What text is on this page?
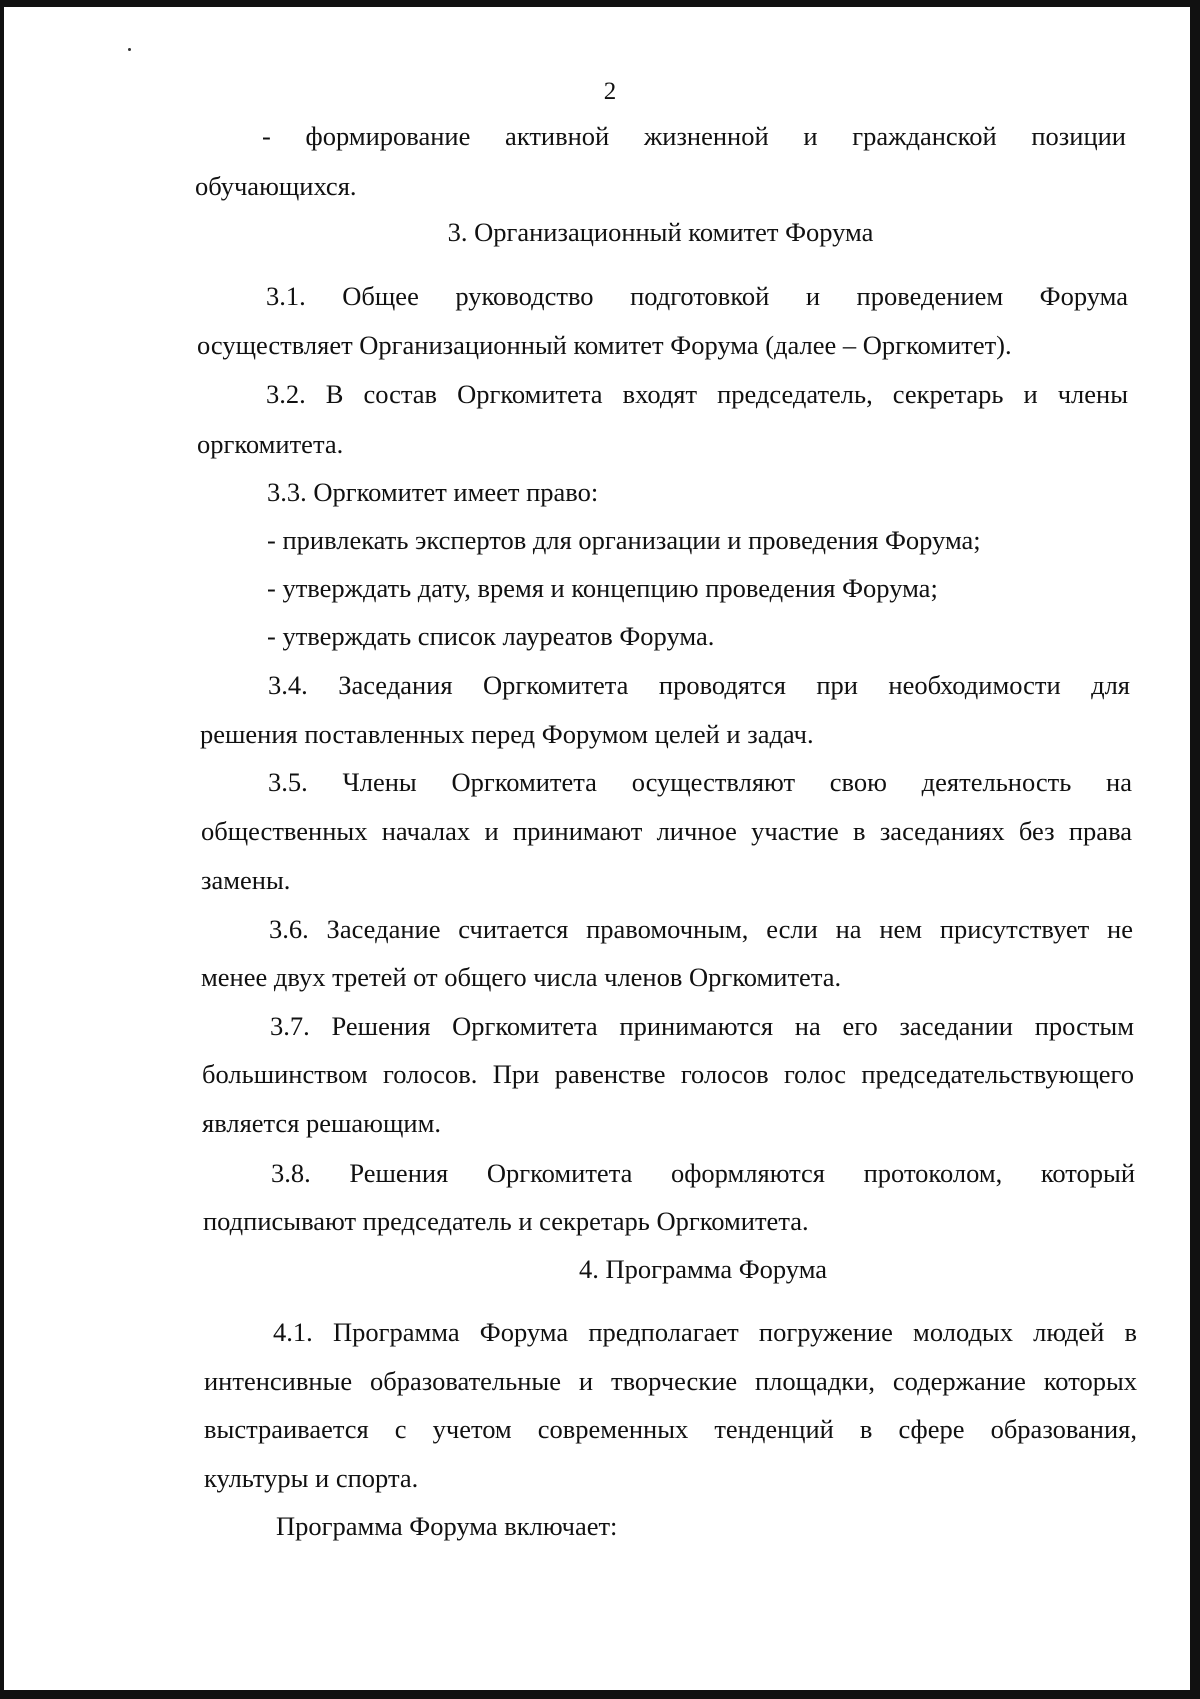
2
- формирование активной жизненной и гражданской позиции
обучающихся.
3. Организационный комитет Форума
3.1. Общее руководство подготовкой и проведением Форума
осуществляет Организационный комитет Форума (далее – Оргкомитет).
3.2. В состав Оргкомитета входят председатель, секретарь и члены
оргкомитета.
3.3. Оргкомитет имеет право:
- привлекать экспертов для организации и проведения Форума;
- утверждать дату, время и концепцию проведения Форума;
- утверждать список лауреатов Форума.
3.4. Заседания Оргкомитета проводятся при необходимости для
решения поставленных перед Форумом целей и задач.
3.5. Члены Оргкомитета осуществляют свою деятельность на
общественных началах и принимают личное участие в заседаниях без права
замены.
3.6. Заседание считается правомочным, если на нем присутствует не
менее двух третей от общего числа членов Оргкомитета.
3.7. Решения Оргкомитета принимаются на его заседании простым
большинством голосов. При равенстве голосов голос председательствующего
является решающим.
3.8. Решения Оргкомитета оформляются протоколом, который
подписывают председатель и секретарь Оргкомитета.
4. Программа Форума
4.1. Программа Форума предполагает погружение молодых людей в
интенсивные образовательные и творческие площадки, содержание которых
выстраивается с учетом современных тенденций в сфере образования,
культуры и спорта.
Программа Форума включает:
